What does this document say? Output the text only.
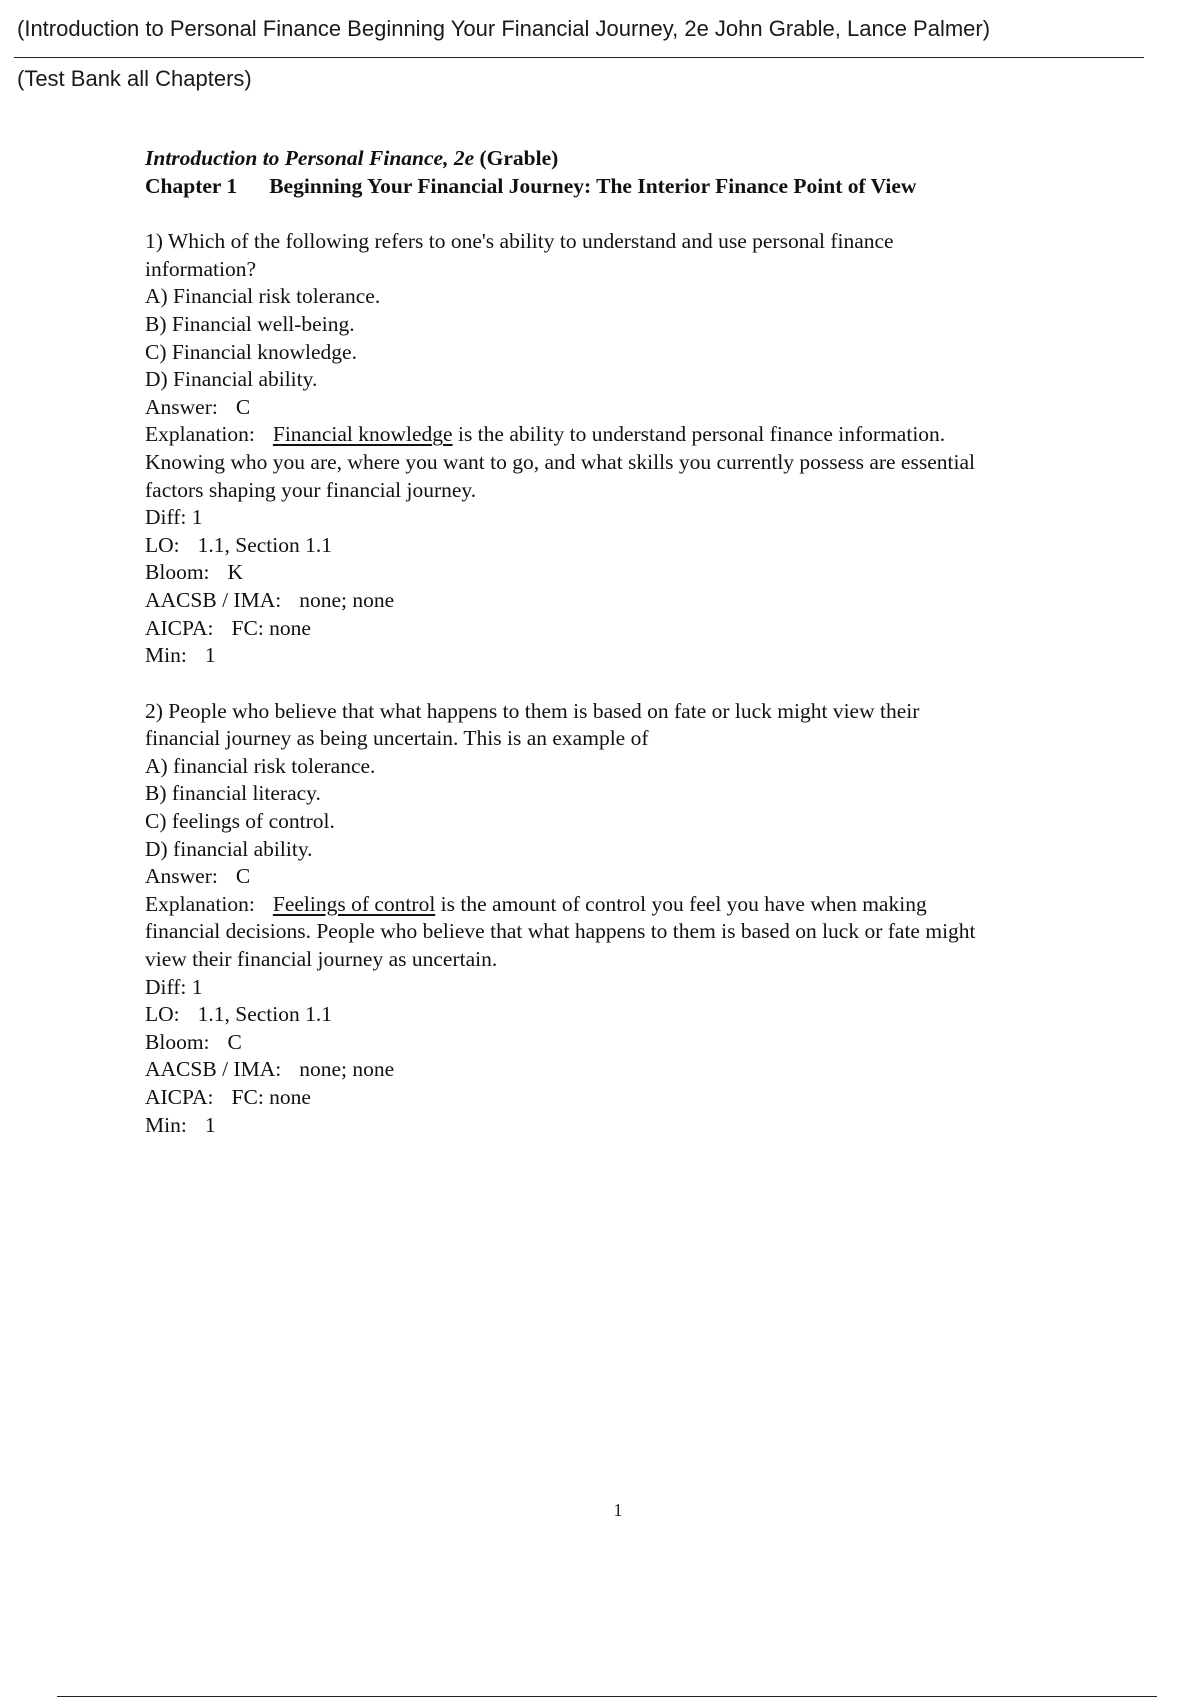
(Introduction to Personal Finance Beginning Your Financial Journey, 2e John Grable, Lance Palmer)
(Test Bank all Chapters)
Introduction to Personal Finance, 2e (Grable)
Chapter 1 Beginning Your Financial Journey: The Interior Finance Point of View
1) Which of the following refers to one's ability to understand and use personal finance
information?
A) Financial risk tolerance.
B) Financial well-being.
C) Financial knowledge.
D) Financial ability.
Answer: C
Explanation: Financial knowledge is the ability to understand personal finance information.
Knowing who you are, where you want to go, and what skills you currently possess are essential
factors shaping your financial journey.
Diff: 1
LO: 1.1, Section 1.1
Bloom: K
AACSB / IMA: none; none
AICPA: FC: none
Min: 1
2) People who believe that what happens to them is based on fate or luck might view their
financial journey as being uncertain. This is an example of
A) financial risk tolerance.
B) financial literacy.
C) feelings of control.
D) financial ability.
Answer: C
Explanation: Feelings of control is the amount of control you feel you have when making
financial decisions. People who believe that what happens to them is based on luck or fate might
view their financial journey as uncertain.
Diff: 1
LO: 1.1, Section 1.1
Bloom: C
AACSB / IMA: none; none
AICPA: FC: none
Min: 1
1
